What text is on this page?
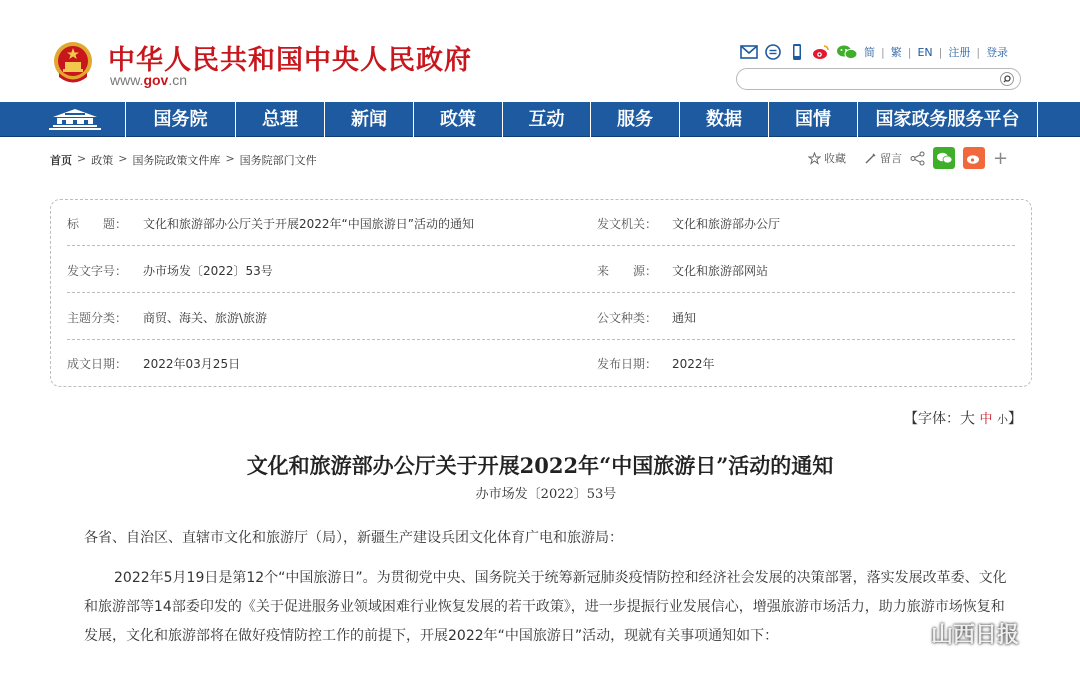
中华人民共和国中央人民政府
www.gov.cn
简 | 繁 | EN | 注册 | 登录
国务院	总理	新闻	政策	互动	服务	数据	国情	国家政务服务平台
首页 > 政策 > 国务院政策文件库 > 国务院部门文件	收藏	留言	+
标　　题： 文化和旅游部办公厅关于开展2022年“中国旅游日”活动的通知	发文机关： 文化和旅游部办公厅
发文字号： 办市场发〔2022〕53号	来　　源： 文化和旅游部网站
主题分类： 商贸、海关、旅游\旅游	公文种类： 通知
成文日期： 2022年03月25日	发布日期： 2022年
【字体：大 中 小】
文化和旅游部办公厅关于开展2022年“中国旅游日”活动的通知
办市场发〔2022〕53号

各省、自治区、直辖市文化和旅游厅（局），新疆生产建设兵团文化体育广电和旅游局：

2022年5月19日是第12个“中国旅游日”。为贯彻党中央、国务院关于统筹新冠肺炎疫情防控和经济社会发展的决策部署，落实发展改革委、文化和旅游部等14部委印发的《关于促进服务业领域困难行业恢复发展的若干政策》，进一步提振行业发展信心，增强旅游市场活力，助力旅游市场恢复和发展，文化和旅游部将在做好疫情防控工作的前提下，开展2022年“中国旅游日”活动，现就有关事项通知如下：	山西日报
